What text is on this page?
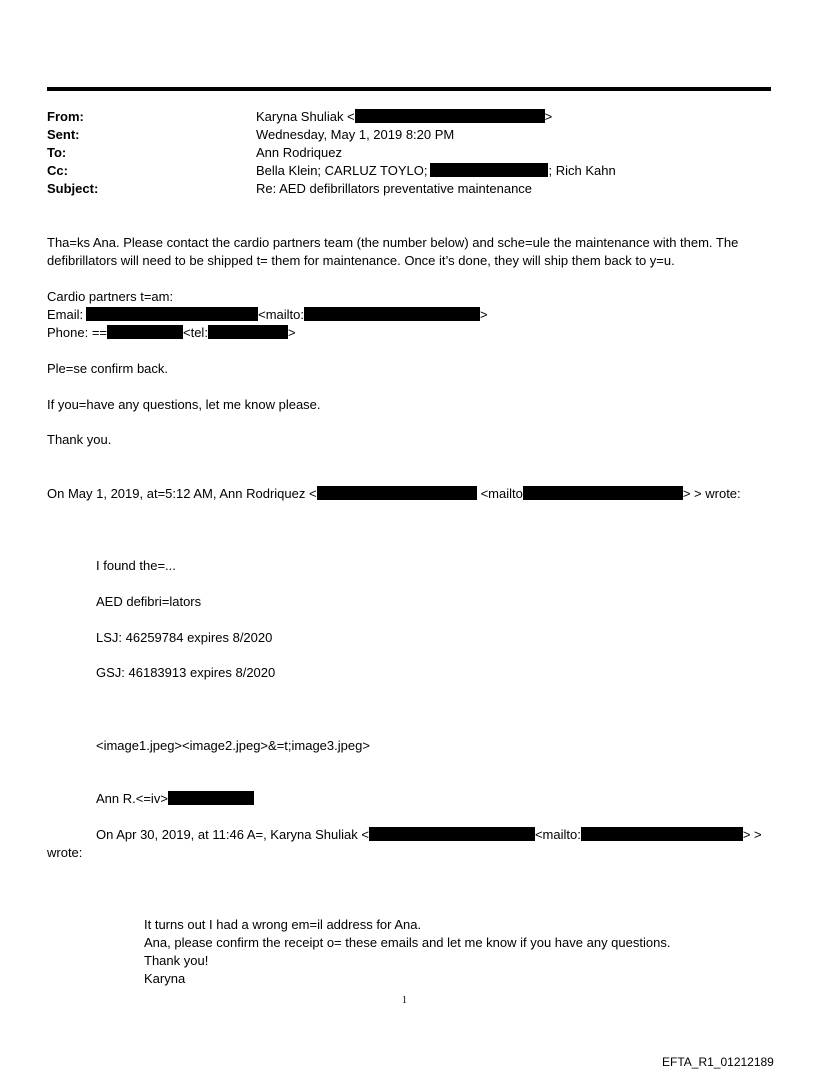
From:	Karyna Shuliak <	>
Sent:	Wednesday, May 1, 2019 8:20 PM
To:	Ann Rodriquez
Cc:	Bella Klein; CARLUZ TOYLO;	; Rich Kahn
Subject:	Re: AED defibrillators preventative maintenance
Tha=ks Ana. Please contact the cardio partners team (the number below) and sche=ule the maintenance with them. The
defibrillators will need to be shipped t= them for maintenance. Once it’s done, they will ship them back to y=u.
Cardio partners t=am:
Email:	<mailto:	>
Phone: ==	<tel:	>
Ple=se confirm back.
If you=have any questions, let me know please.
Thank you.
On May 1, 2019, at=5:12 AM, Ann Rodriquez <	<mailto	> > wrote:
I found the=...
AED defibri=lators
LSJ: 46259784 expires 8/2020
GSJ: 46183913 expires 8/2020
<image1.jpeg><image2.jpeg>&=t;image3.jpeg>
Ann R.<=iv>
On Apr 30, 2019, at 11:46 A=, Karyna Shuliak <	<mailto:	> >
wrote:
It turns out I had a wrong em=il address for Ana.
Ana, please confirm the receipt o= these emails and let me know if you have any questions.
Thank you!
Karyna
1
EFTA_R1_01212189
